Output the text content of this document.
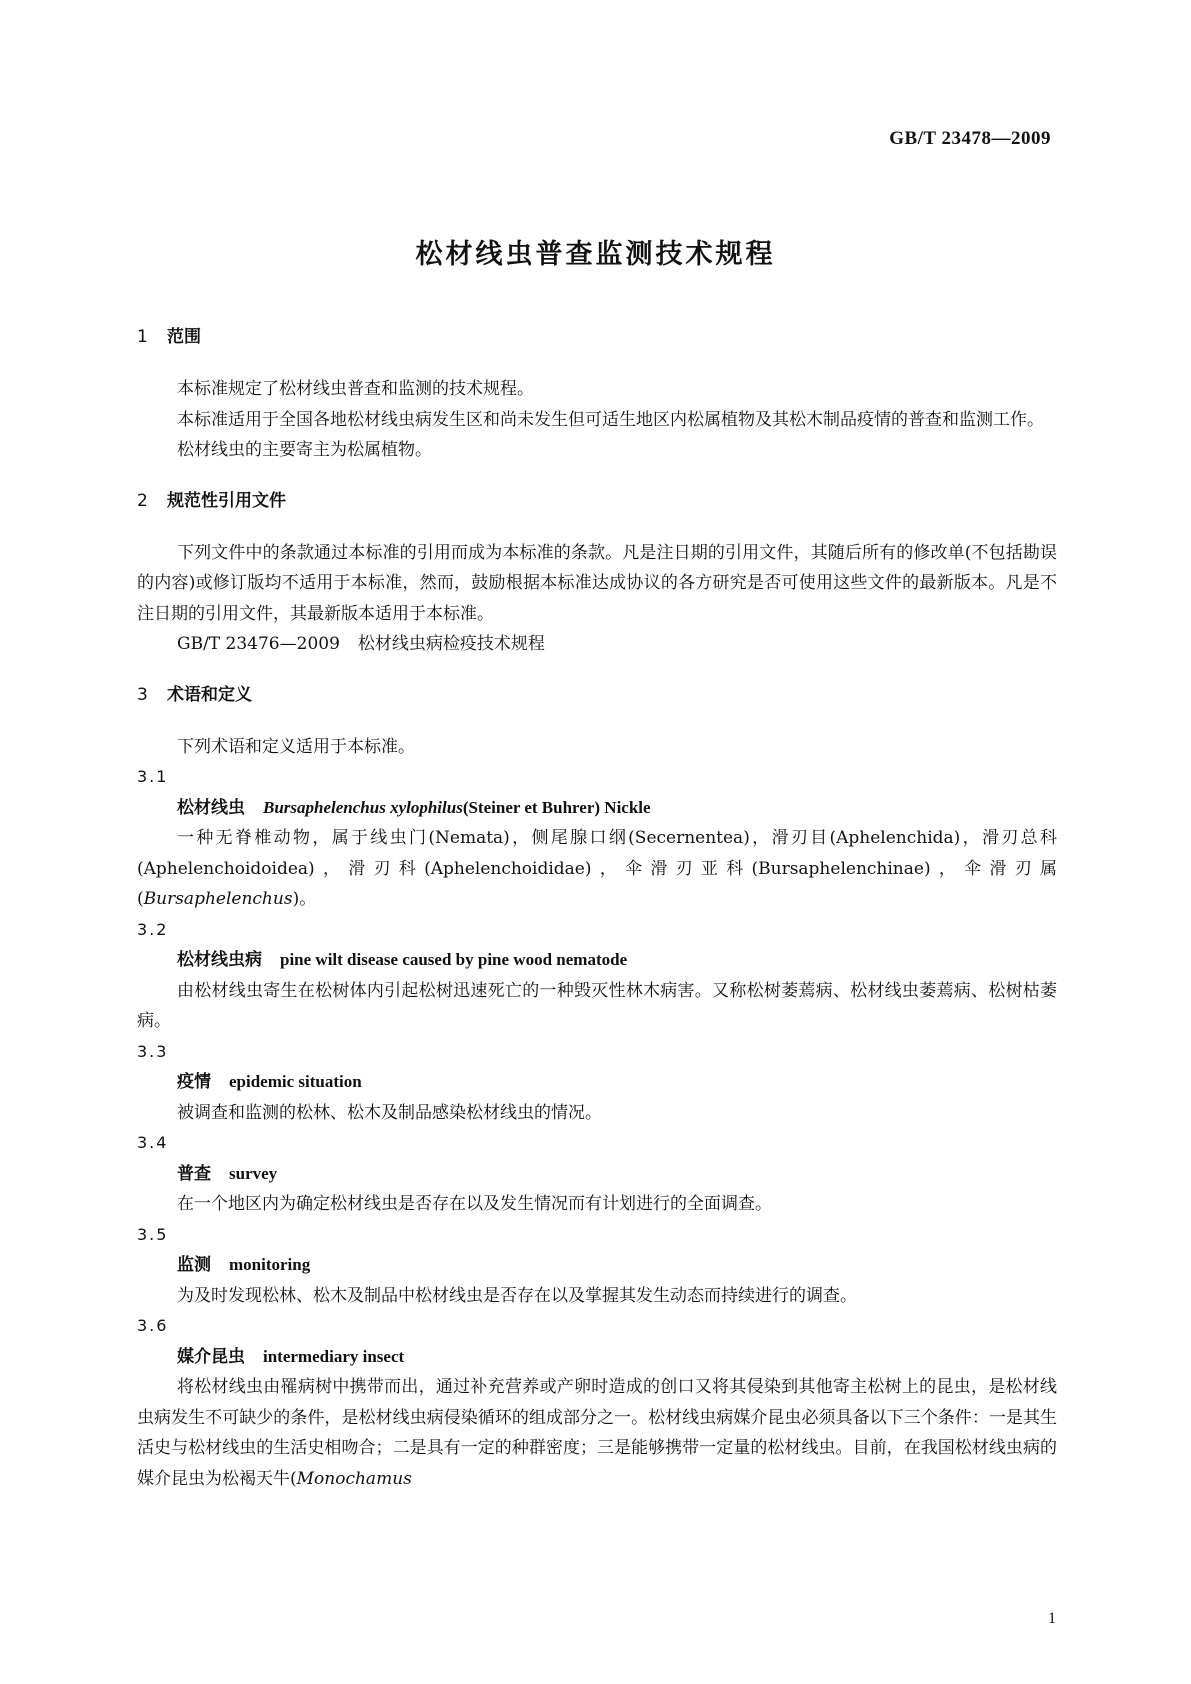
GB/T 23478—2009
松材线虫普查监测技术规程
1 范围

本标准规定了松材线虫普查和监测的技术规程。

本标准适用于全国各地松材线虫病发生区和尚未发生但可适生地区内松属植物及其松木制品疫情的普查和监测工作。

松材线虫的主要寄主为松属植物。

2 规范性引用文件

下列文件中的条款通过本标准的引用而成为本标准的条款。凡是注日期的引用文件，其随后所有的修改单(不包括勘误的内容)或修订版均不适用于本标准，然而，鼓励根据本标准达成协议的各方研究是否可使用这些文件的最新版本。凡是不注日期的引用文件，其最新版本适用于本标准。

GB/T 23476—2009 松材线虫病检疫技术规程
3 术语和定义

下列术语和定义适用于本标准。

3.1
松材线虫 Bursaphelenchus xylophilus(Steiner et Buhrer) Nickle

一种无脊椎动物，属于线虫门(Nemata)，侧尾腺口纲(Secernentea)，滑刃目(Aphelenchida)，滑刃总科(Aphelenchoidoidea)，滑刃科(Aphelenchoididae)，伞滑刃亚科(Bursaphelenchinae)，伞滑刃属(Bursaphelenchus)。

3.2
松材线虫病 pine wilt disease caused by pine wood nematode

由松材线虫寄生在松树体内引起松树迅速死亡的一种毁灭性林木病害。又称松树萎蔫病、松材线虫萎蔫病、松树枯萎病。

3.3
疫情 epidemic situation

被调查和监测的松林、松木及制品感染松材线虫的情况。

3.4
普查 survey

在一个地区内为确定松材线虫是否存在以及发生情况而有计划进行的全面调查。

3.5
监测 monitoring

为及时发现松林、松木及制品中松材线虫是否存在以及掌握其发生动态而持续进行的调查。

3.6
媒介昆虫 intermediary insect

将松材线虫由罹病树中携带而出，通过补充营养或产卵时造成的创口又将其侵染到其他寄主松树上的昆虫，是松材线虫病发生不可缺少的条件，是松材线虫病侵染循环的组成部分之一。松材线虫病媒介昆虫必须具备以下三个条件：一是其生活史与松材线虫的生活史相吻合；二是具有一定的种群密度；三是能够携带一定量的松材线虫。目前，在我国松材线虫病的媒介昆虫为松褐天牛(Monochamus

1
